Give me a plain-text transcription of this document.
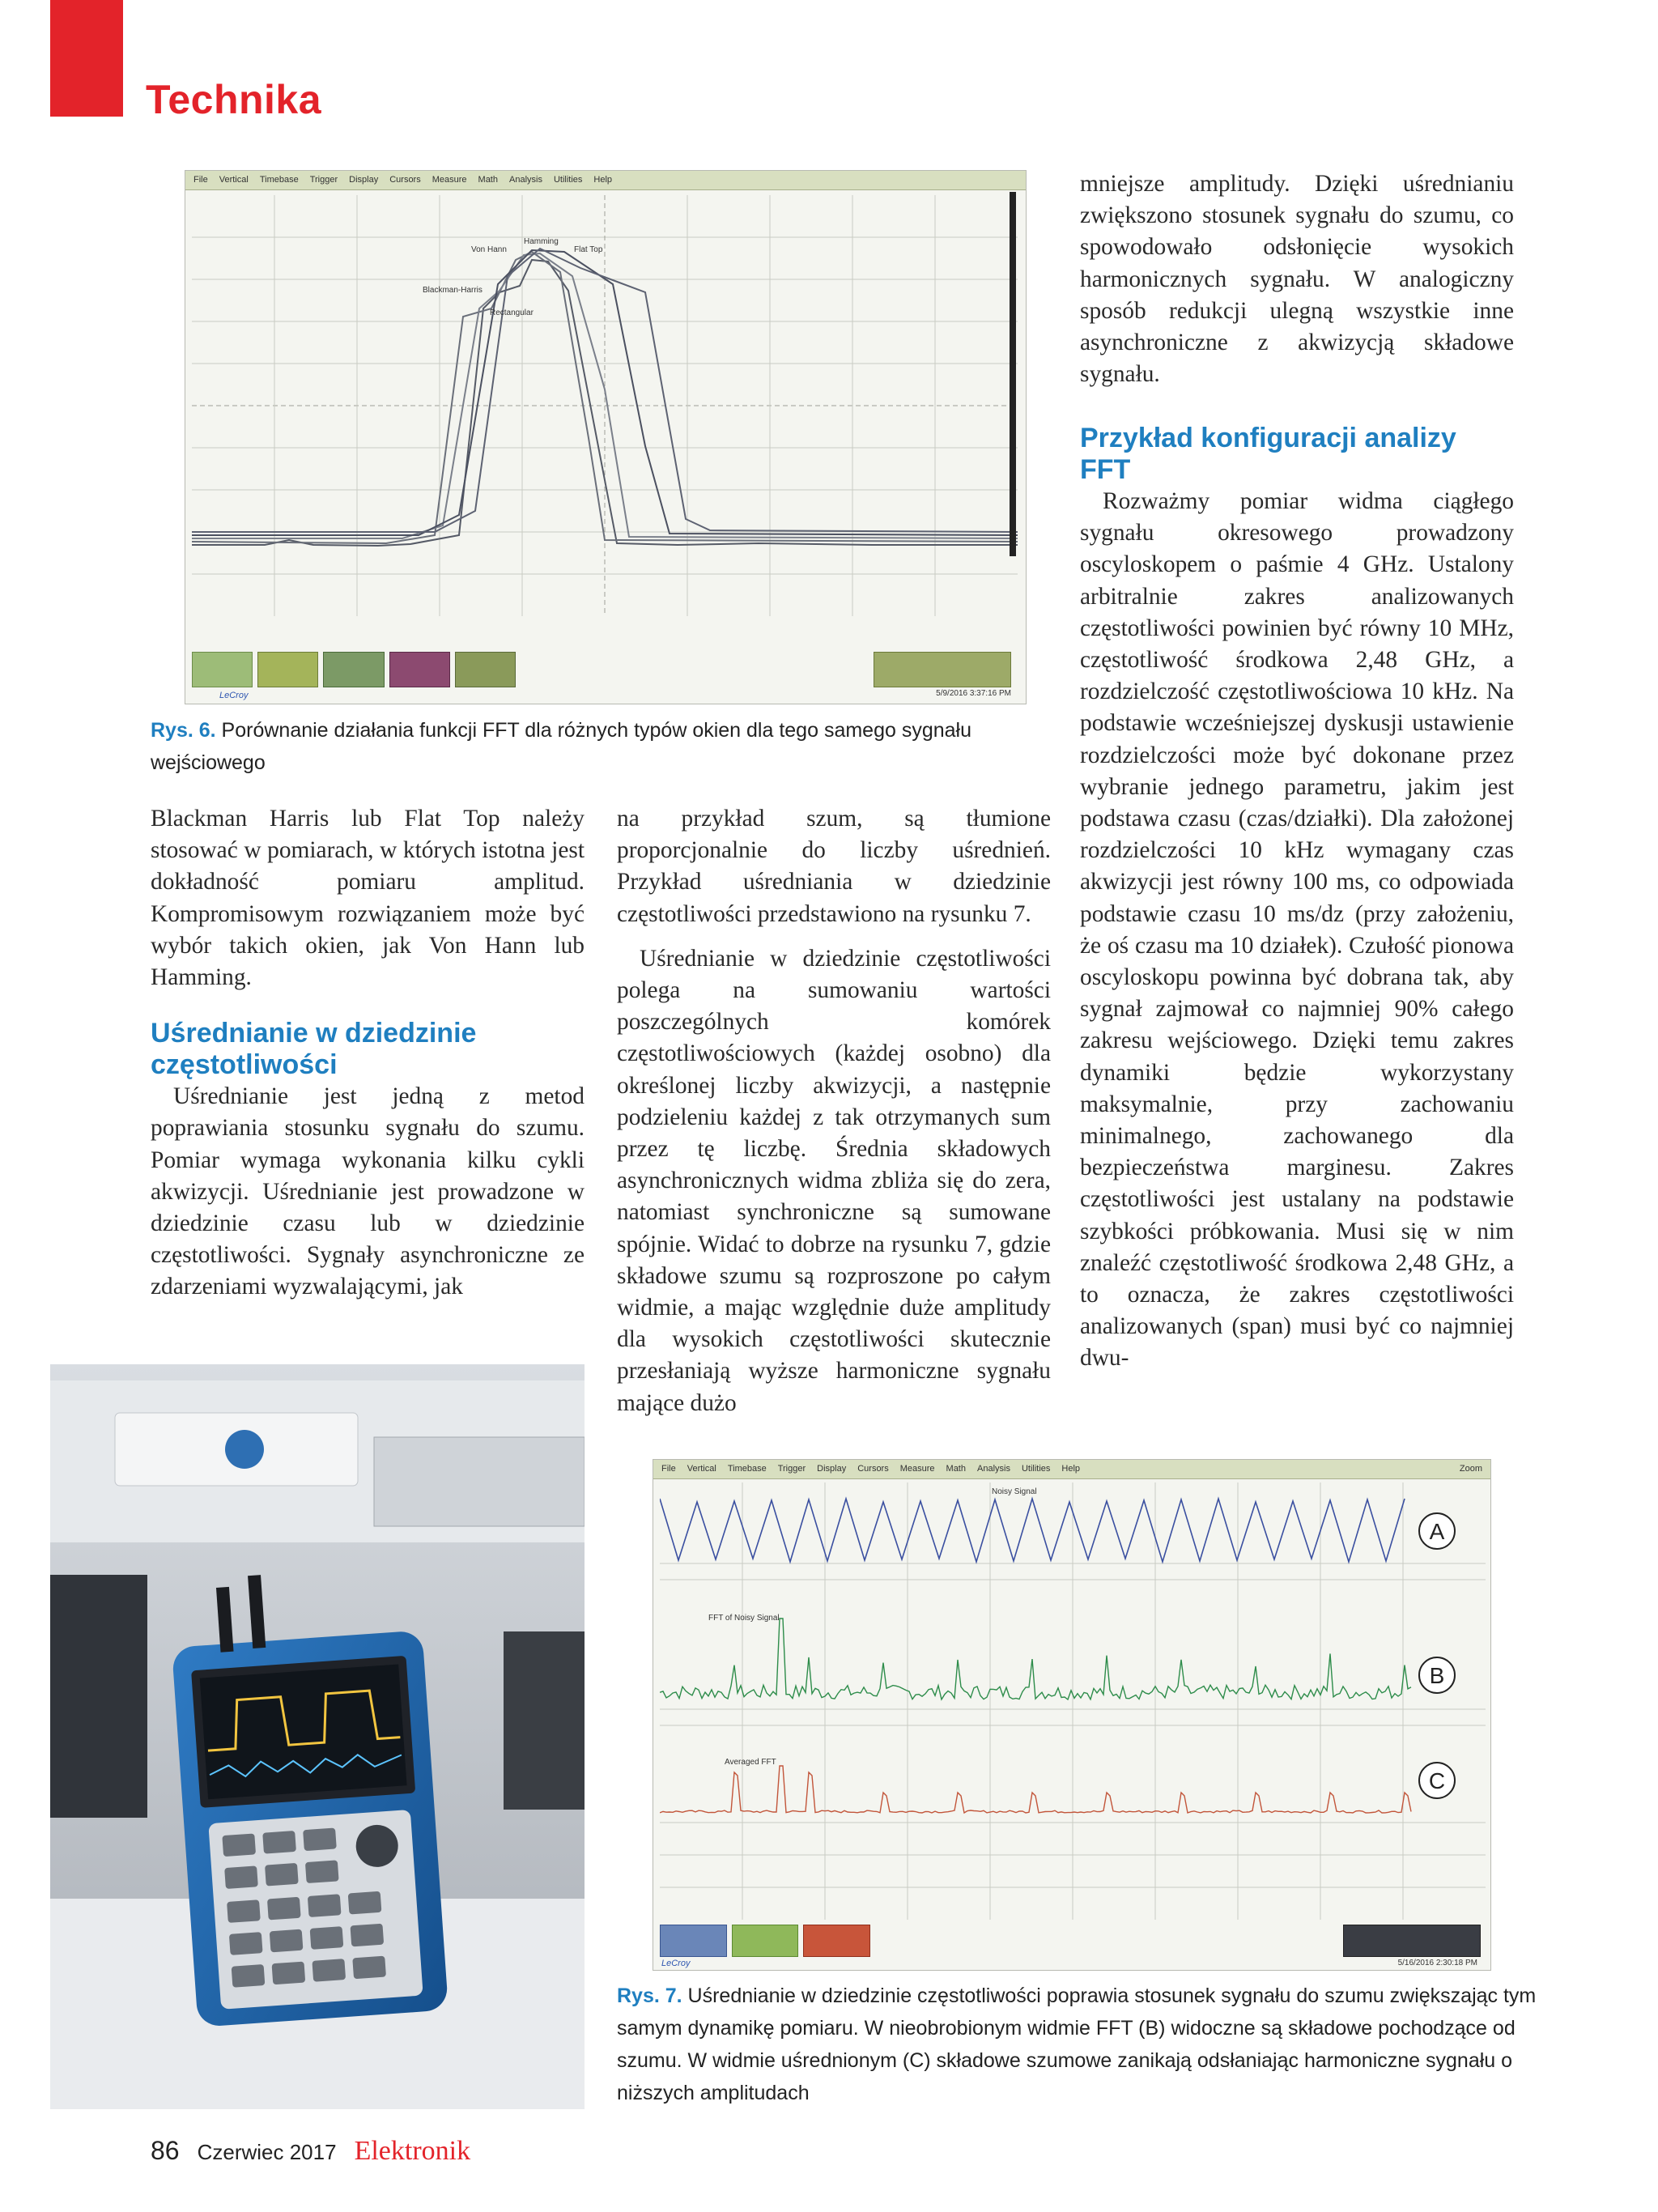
Technika
File Vertical Timebase Trigger Display Cursors Measure Math Analysis Utilities Help
Hamming
Von Hann	Flat Top
Blackman-Harris
Rectangular
5/9/2016 3:37:16 PM
LeCroy
Rys. 6. Porównanie działania funkcji FFT dla różnych typów okien dla tego samego sygnału wejściowego

mniejsze amplitudy. Dzięki uśrednianiu zwiększono stosunek sygnału do szumu, co spowodowało odsłonięcie wysokich harmonicznych sygnału. W analogiczny sposób redukcji ulegną wszystkie inne asynchroniczne z akwizycją składowe sygnału.

Przykład konfiguracji analizy FFT

Rozważmy pomiar widma ciągłego sygnału okresowego prowadzony oscyloskopem o paśmie 4 GHz. Ustalony arbitralnie zakres analizowanych częstotliwości powinien być równy 10 MHz, częstotliwość środkowa 2,48 GHz, a rozdzielczość częstotliwościowa 10 kHz. Na podstawie wcześniejszej dyskusji ustawienie rozdzielczości może być dokonane przez wybranie jednego parametru, jakim jest podstawa czasu (czas/działki). Dla założonej rozdzielczości 10 kHz wymagany czas akwizycji jest równy 100 ms, co odpowiada podstawie czasu 10 ms/dz (przy założeniu, że oś czasu ma 10 działek). Czułość pionowa oscyloskopu powinna być dobrana tak, aby sygnał zajmował co najmniej 90% całego zakresu wejściowego. Dzięki temu zakres dynamiki będzie wykorzystany maksymalnie, przy zachowaniu minimalnego, zachowanego dla bezpieczeństwa marginesu. Zakres częstotliwości jest ustalany na podstawie szybkości próbkowania. Musi się w nim znaleźć częstotliwość środkowa 2,48 GHz, a to oznacza, że zakres częstotliwości analizowanych (span) musi być co najmniej dwu-

Blackman Harris lub Flat Top należy stosować w pomiarach, w których istotna jest dokładność pomiaru amplitud. Kompromisowym rozwiązaniem może być wybór takich okien, jak Von Hann lub Hamming.

Uśrednianie w dziedzinie częstotliwości

Uśrednianie jest jedną z metod poprawiania stosunku sygnału do szumu. Pomiar wymaga wykonania kilku cykli akwizycji. Uśrednianie jest prowadzone w dziedzinie czasu lub w dziedzinie częstotliwości. Sygnały asynchroniczne ze zdarzeniami wyzwalającymi, jak

na przykład szum, są tłumione proporcjonalnie do liczby uśrednień. Przykład uśredniania w dziedzinie częstotliwości przedstawiono na rysunku 7.

Uśrednianie w dziedzinie częstotliwości polega na sumowaniu wartości poszczególnych komórek częstotliwościowych (każdej osobno) dla określonej liczby akwizycji, a następnie podzieleniu każdej z tak otrzymanych sum przez tę liczbę. Średnia składowych asynchronicznych widma zbliża się do zera, natomiast synchroniczne są sumowane spójnie. Widać to dobrze na rysunku 7, gdzie składowe szumu są rozproszone po całym widmie, a mając względnie duże amplitudy dla wysokich częstotliwości skutecznie przesłaniają wyższe harmoniczne sygnału mające dużo

File Vertical Timebase Trigger Display Cursors Measure Math Analysis Utilities Help	Zoom
Noisy Signal
FFT of Noisy Signal
Averaged FFT
A
B
C
5/16/2016 2:30:18 PM
LeCroy
Rys. 7. Uśrednianie w dziedzinie częstotliwości poprawia stosunek sygnału do szumu zwiększając tym samym dynamikę pomiaru. W nieobrobionym widmie FFT (B) widoczne są składowe pochodzące od szumu. W widmie uśrednionym (C) składowe szumowe zanikają odsłaniając harmoniczne sygnału o niższych amplitudach
86 Czerwiec 2017 Elektronik
